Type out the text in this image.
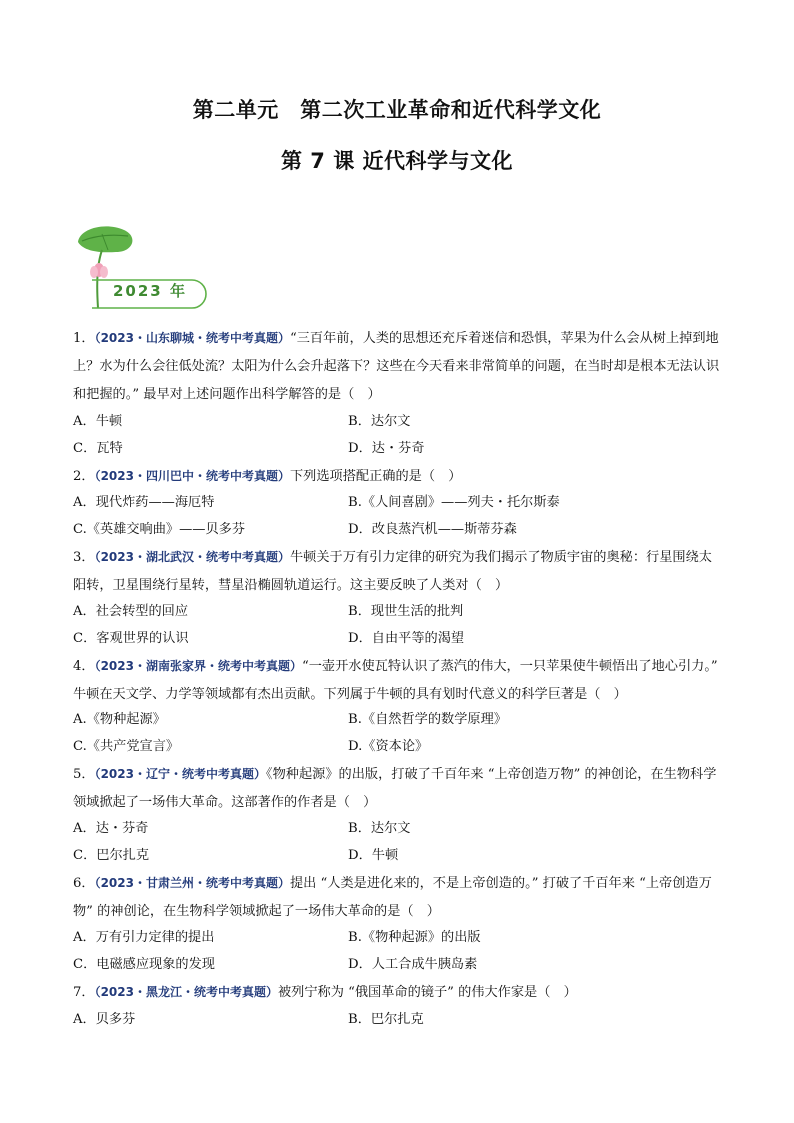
第二单元　第二次工业革命和近代科学文化
第 7 课 近代科学与文化
2023 年
1．（2023・山东聊城・统考中考真题）“三百年前，人类的思想还充斥着迷信和恐惧，苹果为什么会从树上掉到地上？水为什么会往低处流？太阳为什么会升起落下？这些在今天看来非常简单的问题，在当时却是根本无法认识和把握的。” 最早对上述问题作出科学解答的是（　）
A．牛顿	B．达尔文
C．瓦特	D．达・芬奇
2．（2023・四川巴中・统考中考真题）下列选项搭配正确的是（　）
A．现代炸药——海厄特	B.《人间喜剧》——列夫・托尔斯泰
C.《英雄交响曲》——贝多芬	D．改良蒸汽机——斯蒂芬森
3．（2023・湖北武汉・统考中考真题）牛顿关于万有引力定律的研究为我们揭示了物质宇宙的奥秘：行星围绕太阳转，卫星围绕行星转，彗星沿椭圆轨道运行。这主要反映了人类对（　）
A．社会转型的回应	B．现世生活的批判
C．客观世界的认识	D．自由平等的渴望
4．（2023・湖南张家界・统考中考真题）“一壶开水使瓦特认识了蒸汽的伟大，一只苹果使牛顿悟出了地心引力。” 牛顿在天文学、力学等领域都有杰出贡献。下列属于牛顿的具有划时代意义的科学巨著是（　）
A.《物种起源》	B.《自然哲学的数学原理》
C.《共产党宣言》	D.《资本论》
5．（2023・辽宁・统考中考真题）《物种起源》的出版，打破了千百年来 “上帝创造万物” 的神创论，在生物科学领域掀起了一场伟大革命。这部著作的作者是（　）
A．达・芬奇	B．达尔文
C．巴尔扎克	D．牛顿
6．（2023・甘肃兰州・统考中考真题）提出 “人类是进化来的，不是上帝创造的。” 打破了千百年来 “上帝创造万物” 的神创论，在生物科学领域掀起了一场伟大革命的是（　）
A．万有引力定律的提出	B.《物种起源》的出版
C．电磁感应现象的发现	D．人工合成牛胰岛素
7．（2023・黑龙江・统考中考真题）被列宁称为 “俄国革命的镜子” 的伟大作家是（　）
A．贝多芬	B．巴尔扎克
